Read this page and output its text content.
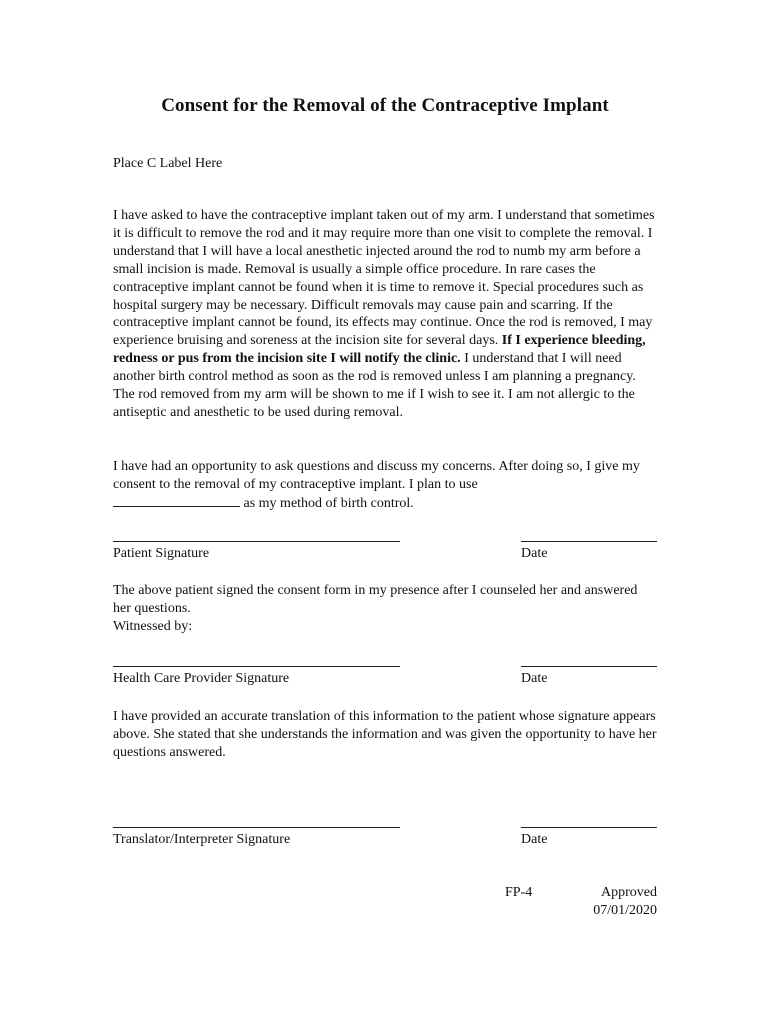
Consent for the Removal of the Contraceptive Implant
Place C Label Here
I have asked to have the contraceptive implant taken out of my arm. I understand that sometimes it is difficult to remove the rod and it may require more than one visit to complete the removal. I understand that I will have a local anesthetic injected around the rod to numb my arm before a small incision is made. Removal is usually a simple office procedure. In rare cases the contraceptive implant cannot be found when it is time to remove it. Special procedures such as hospital surgery may be necessary. Difficult removals may cause pain and scarring. If the contraceptive implant cannot be found, its effects may continue. Once the rod is removed, I may experience bruising and soreness at the incision site for several days. If I experience bleeding, redness or pus from the incision site I will notify the clinic. I understand that I will need another birth control method as soon as the rod is removed unless I am planning a pregnancy. The rod removed from my arm will be shown to me if I wish to see it. I am not allergic to the antiseptic and anesthetic to be used during removal.
I have had an opportunity to ask questions and discuss my concerns. After doing so, I give my consent to the removal of my contraceptive implant. I plan to use
as my method of birth control.
Patient Signature	Date
The above patient signed the consent form in my presence after I counseled her and answered her questions.
Witnessed by:
Health Care Provider Signature	Date
I have provided an accurate translation of this information to the patient whose signature appears above. She stated that she understands the information and was given the opportunity to have her questions answered.
Translator/Interpreter Signature	Date
FP-4	Approved
07/01/2020
